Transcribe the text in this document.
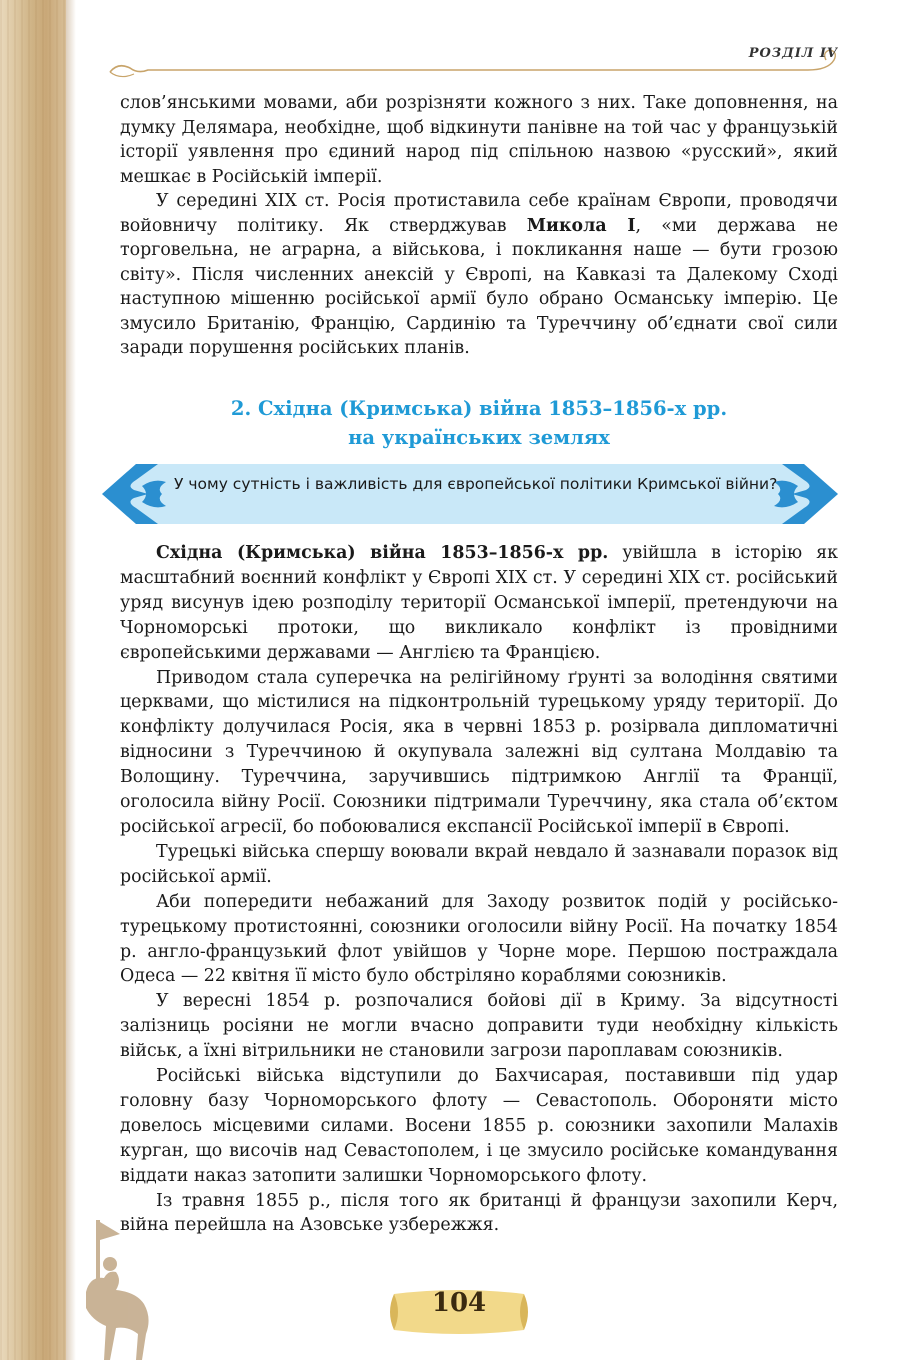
РОЗДІЛ IV

слов’янськими мовами, аби розрізняти кожного з них. Таке доповнення, на думку Делямара, необхідне, щоб відкинути панівне на той час у французькій історії уявлення про єдиний народ під спільною назвою «русский», який мешкає в Російській імперії.

У середині XIX ст. Росія протиставила себе країнам Європи, проводячи войовничу політику. Як стверджував Микола I, «ми держава не торговельна, не аграрна, а військова, і покликання наше — бути грозою світу». Після численних анексій у Європі, на Кавказі та Далекому Сході наступною мішенню російської армії було обрано Османську імперію. Це змусило Британію, Францію, Сардинію та Туреччину об’єднати свої сили заради порушення російських планів.

2. Східна (Кримська) війна 1853–1856-х рр.
на українських землях
У чому сутність і важливість для європейської політики Кримської війни?

Східна (Кримська) війна 1853–1856-х рр. увійшла в історію як масштабний воєнний конфлікт у Європі XIX ст. У середині XIX ст. російський уряд висунув ідею розподілу території Османської імперії, претендуючи на Чорноморські протоки, що викликало конфлікт із провідними європейськими державами — Англією та Францією.

Приводом стала суперечка на релігійному ґрунті за володіння святими церквами, що містилися на підконтрольній турецькому уряду території. До конфлікту долучилася Росія, яка в червні 1853 р. розірвала дипломатичні відносини з Туреччиною й окупувала залежні від султана Молдавію та Волощину. Туреччина, заручившись підтримкою Англії та Франції, оголосила війну Росії. Союзники підтримали Туреччину, яка стала об’єктом російської агресії, бо побоювалися експансії Російської імперії в Європі.

Турецькі війська спершу воювали вкрай невдало й зазнавали поразок від російської армії.

Аби попередити небажаний для Заходу розвиток подій у російсько-турецькому протистоянні, союзники оголосили війну Росії. На початку 1854 р. англо-французький флот увійшов у Чорне море. Першою постраждала Одеса — 22 квітня її місто було обстріляно кораблями союзників.

У вересні 1854 р. розпочалися бойові дії в Криму. За відсутності залізниць росіяни не могли вчасно доправити туди необхідну кількість військ, а їхні вітрильники не становили загрози пароплавам союзників.

Російські війська відступили до Бахчисарая, поставивши під удар головну базу Чорноморського флоту — Севастополь. Обороняти місто довелось місцевими силами. Восени 1855 р. союзники захопили Малахів курган, що височів над Севастополем, і це змусило російське командування віддати наказ затопити залишки Чорноморського флоту.

Із травня 1855 р., після того як британці й французи захопили Керч, війна перейшла на Азовське узбережжя.

104
